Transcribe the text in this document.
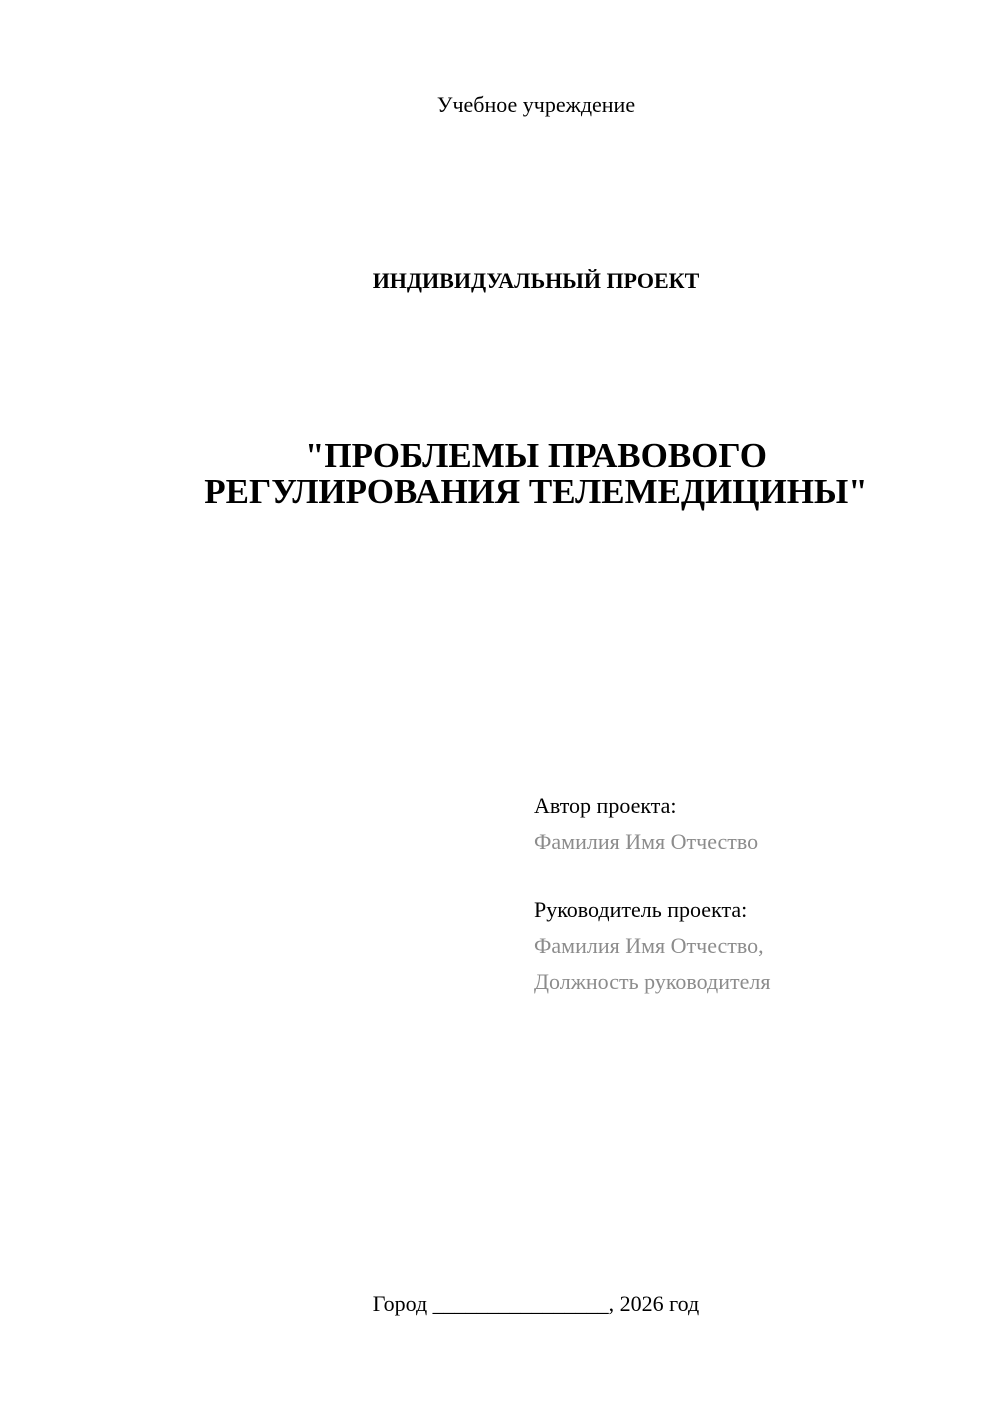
Учебное учреждение
ИНДИВИДУАЛЬНЫЙ ПРОЕКТ
"ПРОБЛЕМЫ ПРАВОВОГО
РЕГУЛИРОВАНИЯ ТЕЛЕМЕДИЦИНЫ"
Автор проекта:
Фамилия Имя Отчество
Руководитель проекта:
Фамилия Имя Отчество,
Должность руководителя
Город ________________, 2026 год
